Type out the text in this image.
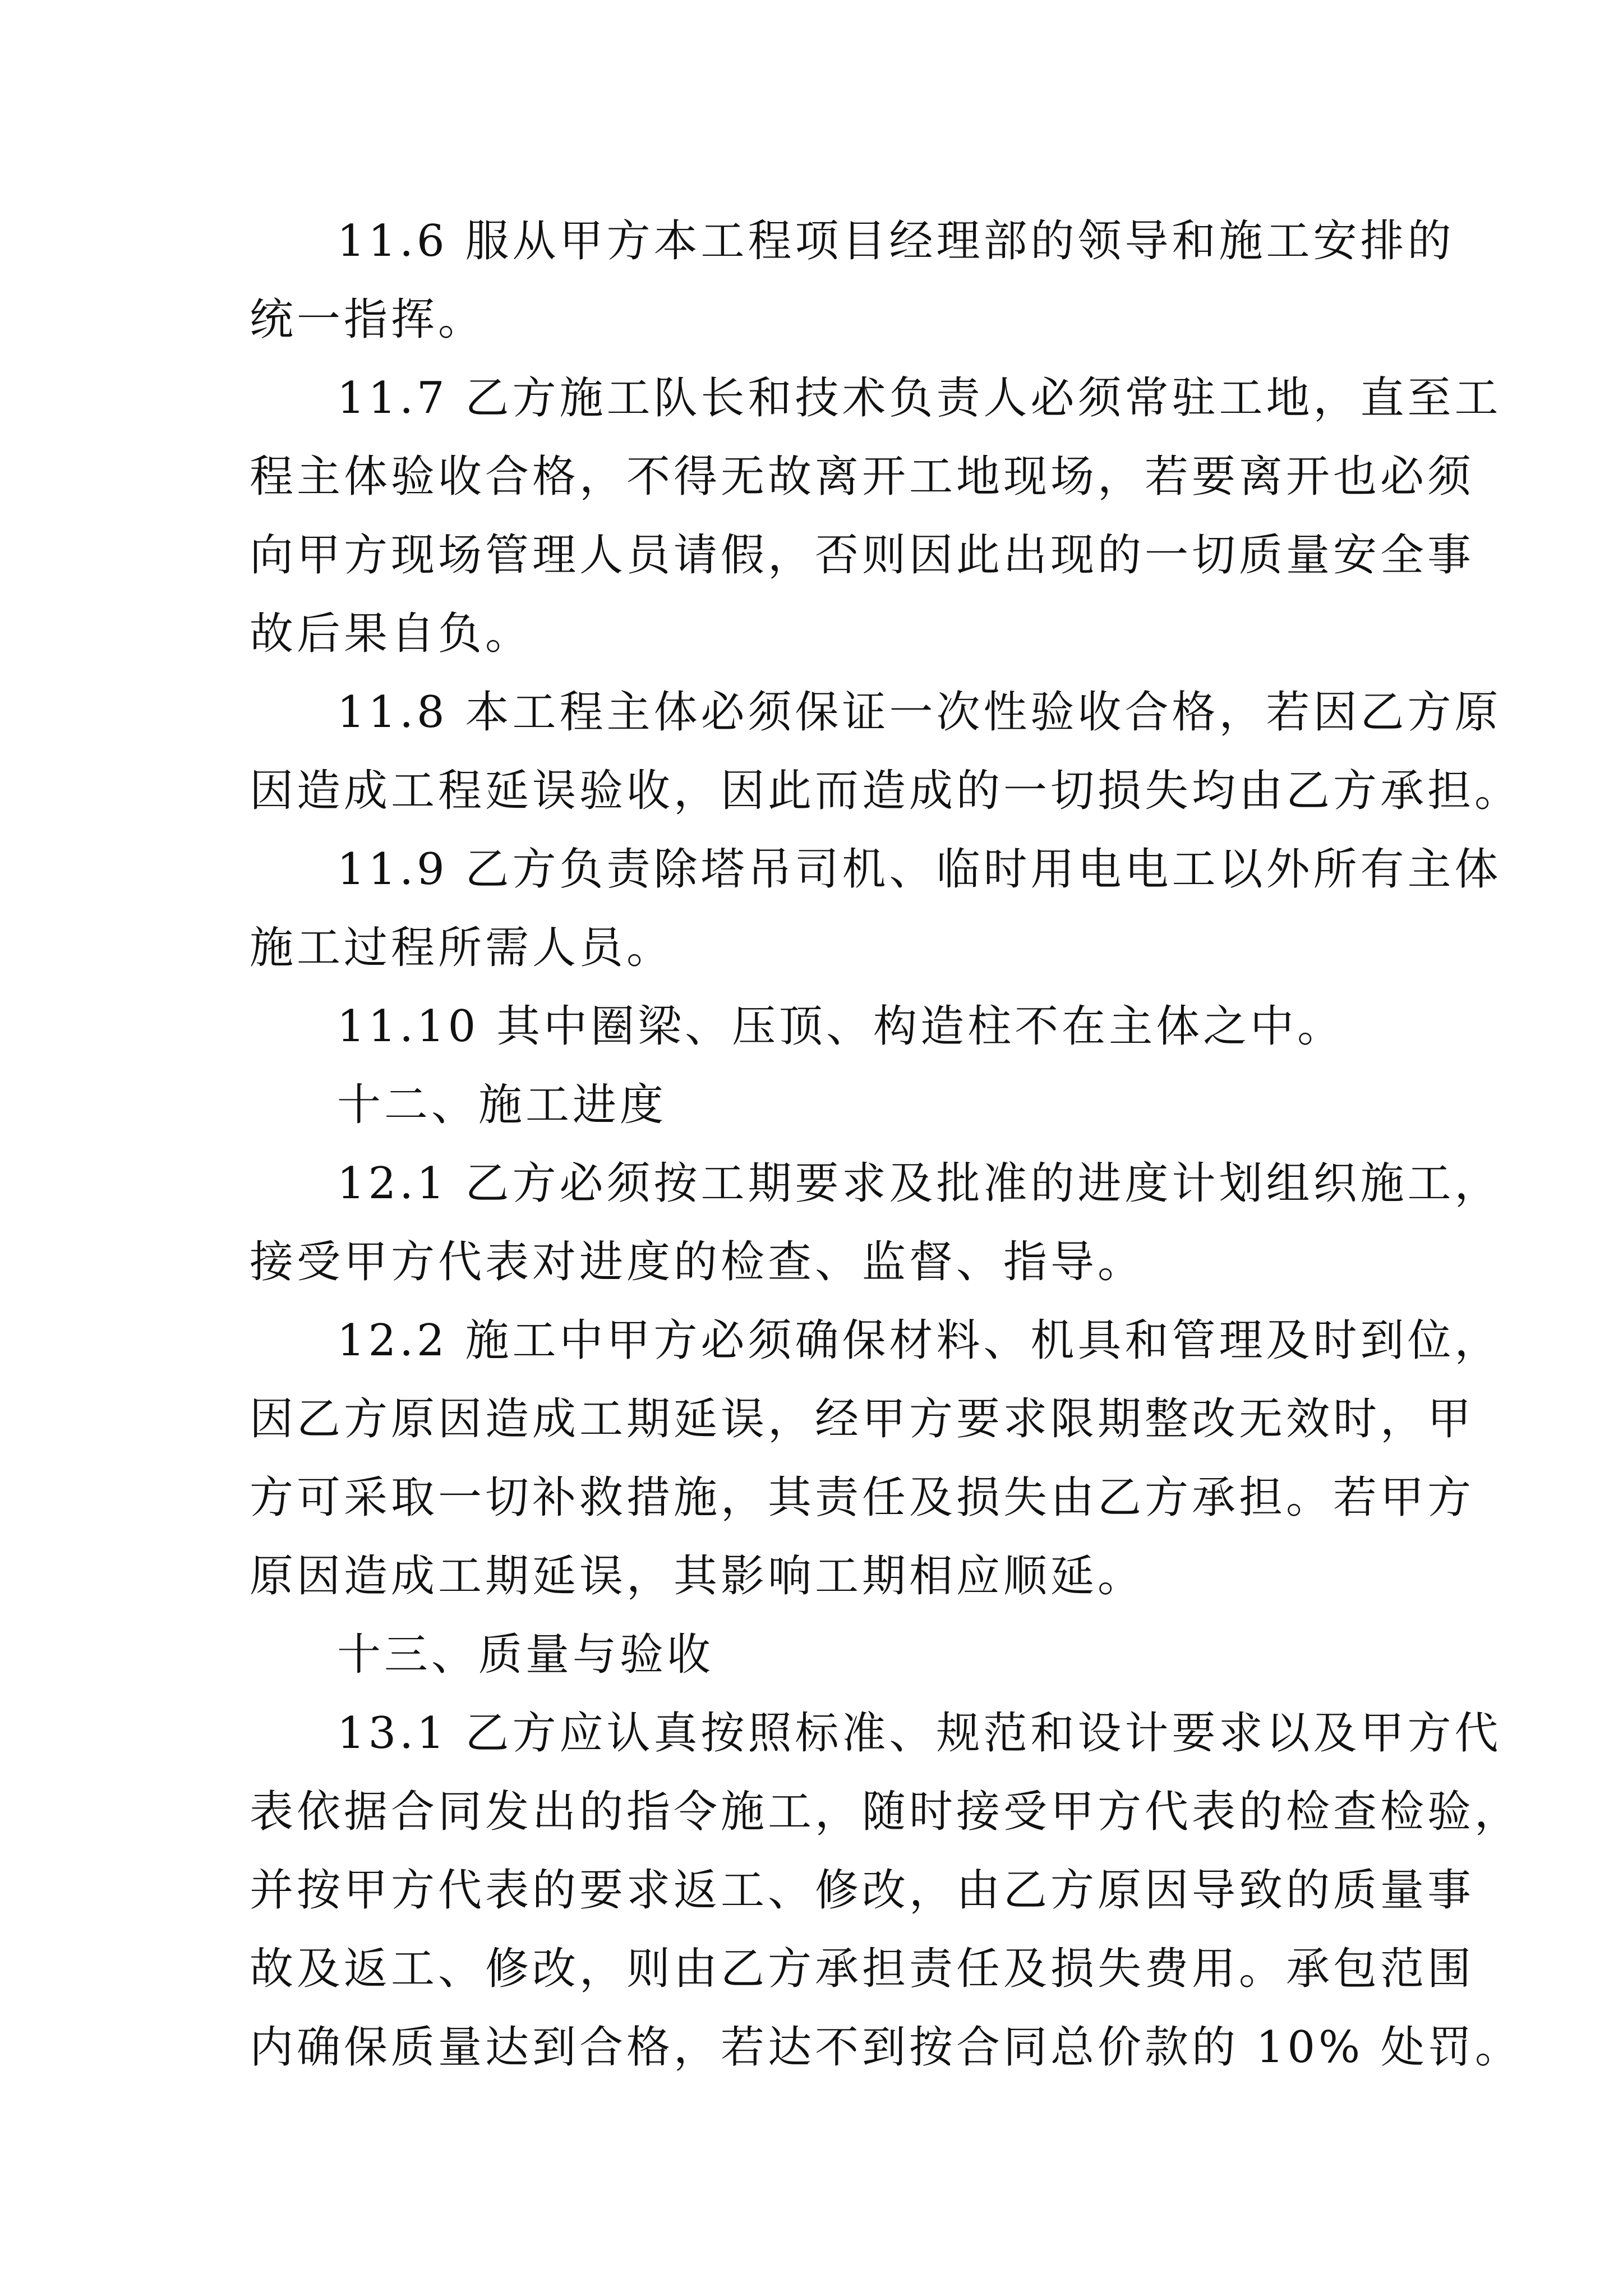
11.6 服从甲方本工程项目经理部的领导和施工安排的
统一指挥。
11.7 乙方施工队长和技术负责人必须常驻工地，直至工
程主体验收合格，不得无故离开工地现场，若要离开也必须
向甲方现场管理人员请假，否则因此出现的一切质量安全事
故后果自负。
11.8 本工程主体必须保证一次性验收合格，若因乙方原
因造成工程延误验收，因此而造成的一切损失均由乙方承担。
11.9 乙方负责除塔吊司机、临时用电电工以外所有主体
施工过程所需人员。
11.10 其中圈梁、压顶、构造柱不在主体之中。
十二、施工进度
12.1 乙方必须按工期要求及批准的进度计划组织施工，
接受甲方代表对进度的检查、监督、指导。
12.2 施工中甲方必须确保材料、机具和管理及时到位，
因乙方原因造成工期延误，经甲方要求限期整改无效时，甲
方可采取一切补救措施，其责任及损失由乙方承担。若甲方
原因造成工期延误，其影响工期相应顺延。
十三、质量与验收
13.1 乙方应认真按照标准、规范和设计要求以及甲方代
表依据合同发出的指令施工，随时接受甲方代表的检查检验，
并按甲方代表的要求返工、修改，由乙方原因导致的质量事
故及返工、修改，则由乙方承担责任及损失费用。承包范围
内确保质量达到合格，若达不到按合同总价款的 10% 处罚。
